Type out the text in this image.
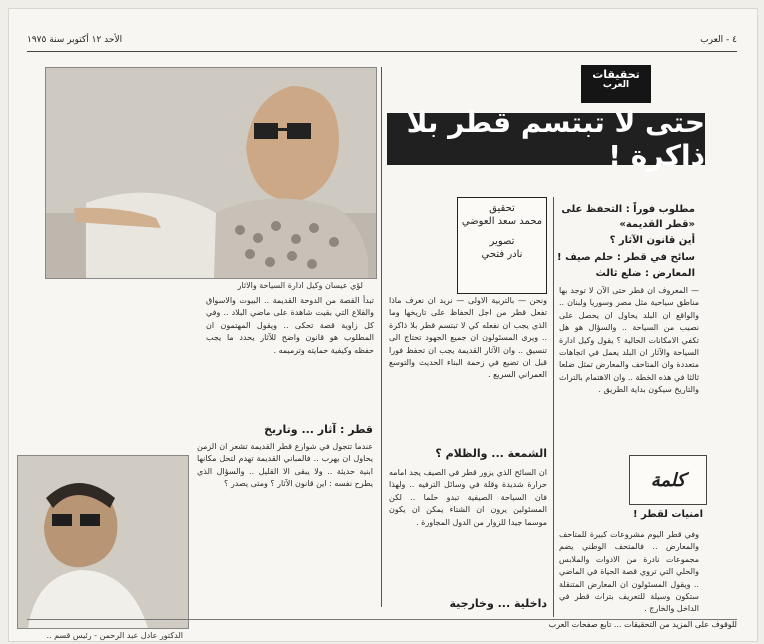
الأحد ١٢ أكتوبر سنة ١٩٧٥	٤ - العرب
تحقيقات
العرب
حتى لا تبتسم قطر بلا ذاكرة !
لؤي عيسان وكيل ادارة السياحة والاثار
تحقيق
محمد سعد العوضي
تصوير
نادر فتحي
مطلوب فوراً : التحفظ على «قطر القديمة»
أين قانون الآثار ؟
سائح في قطر : حلم صيف !
المعارض : ضلع ثالث

— المعروف ان قطر حتى الآن لا توجد بها مناطق سياحية مثل مصر وسوريا ولبنان .. والواقع ان البلد يحاول ان يحصل على نصيب من السياحة .. والسؤال هو هل تكفي الامكانات الحالية ؟ يقول وكيل ادارة السياحة والآثار ان البلد يعمل في اتجاهات متعددة وان المتاحف والمعارض تمثل ضلعا ثالثا في هذه الخطة .. وان الاهتمام بالتراث والتاريخ سيكون بداية الطريق .

ونحن — بالتربية الاولى — نريد ان نعرف ماذا تفعل قطر من اجل الحفاظ على تاريخها وما الذي يجب ان نفعله كي لا تبتسم قطر بلا ذاكرة .. ويرى المسئولون ان جميع الجهود تحتاج الى تنسيق .. وان الآثار القديمة يجب ان تحفظ فورا قبل ان تضيع في زحمة البناء الحديث والتوسع العمراني السريع .

تبدأ القصة من الدوحة القديمة .. البيوت والاسواق والقلاع التي بقيت شاهدة على ماضي البلاد .. وفي كل زاوية قصة تحكى .. ويقول المهتمون ان المطلوب هو قانون واضح للآثار يحدد ما يجب حفظه وكيفية حمايته وترميمه .

قطر : آثار ... وتاريخ

عندما تتجول في شوارع قطر القديمة تشعر ان الزمن يحاول ان يهرب .. فالمباني القديمة تهدم لتحل مكانها ابنية حديثة .. ولا يبقى الا القليل .. والسؤال الذي يطرح نفسه : اين قانون الآثار ؟ ومتى يصدر ؟

الدكتور عادل عبد الرحمن - رئيس قسم ..
الشمعة ... والظلام ؟

ان السائح الذي يزور قطر في الصيف يجد امامه حرارة شديدة وقلة في وسائل الترفيه .. ولهذا فان السياحة الصيفية تبدو حلما .. لكن المسئولين يرون ان الشتاء يمكن ان يكون موسما جيدا للزوار من الدول المجاورة .

داخلية ... وخارجية
كلمة
امنيات لقطر !

وفي قطر اليوم مشروعات كبيرة للمتاحف والمعارض .. فالمتحف الوطني يضم مجموعات نادرة من الادوات والملابس والحلي التي تروي قصة الحياة في الماضي .. ويقول المسئولون ان المعارض المتنقلة ستكون وسيلة للتعريف بتراث قطر في الداخل والخارج .

للوقوف على المزيد من التحقيقات ... تابع صفحات العرب
